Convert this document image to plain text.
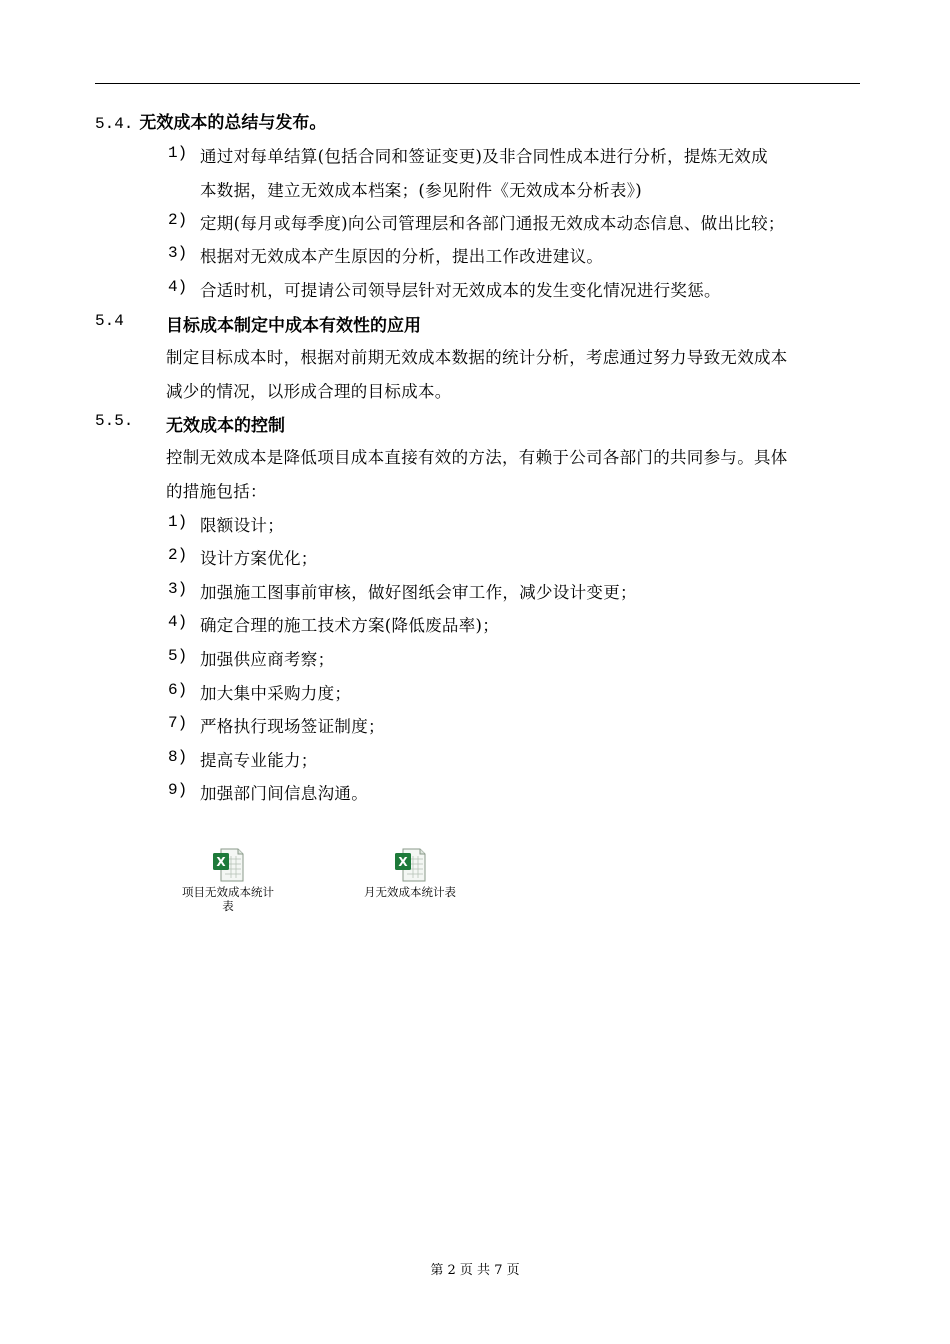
5.4. 无效成本的总结与发布。
1) 通过对每单结算(包括合同和签证变更)及非合同性成本进行分析，提炼无效成
本数据，建立无效成本档案；(参见附件《无效成本分析表》)
2) 定期(每月或每季度)向公司管理层和各部门通报无效成本动态信息、做出比较；
3) 根据对无效成本产生原因的分析，提出工作改进建议。
4) 合适时机，可提请公司领导层针对无效成本的发生变化情况进行奖惩。
5.4 目标成本制定中成本有效性的应用
制定目标成本时，根据对前期无效成本数据的统计分析，考虑通过努力导致无效成本
减少的情况，以形成合理的目标成本。
5.5. 无效成本的控制
控制无效成本是降低项目成本直接有效的方法，有赖于公司各部门的共同参与。具体
的措施包括：
1) 限额设计；
2) 设计方案优化；
3) 加强施工图事前审核，做好图纸会审工作，减少设计变更；
4) 确定合理的施工技术方案(降低废品率)；
5) 加强供应商考察；
6) 加大集中采购力度；
7) 严格执行现场签证制度；
8) 提高专业能力；
9) 加强部门间信息沟通。
X
项目无效成本统计
表
X
月无效成本统计表
第 2 页 共 7 页
